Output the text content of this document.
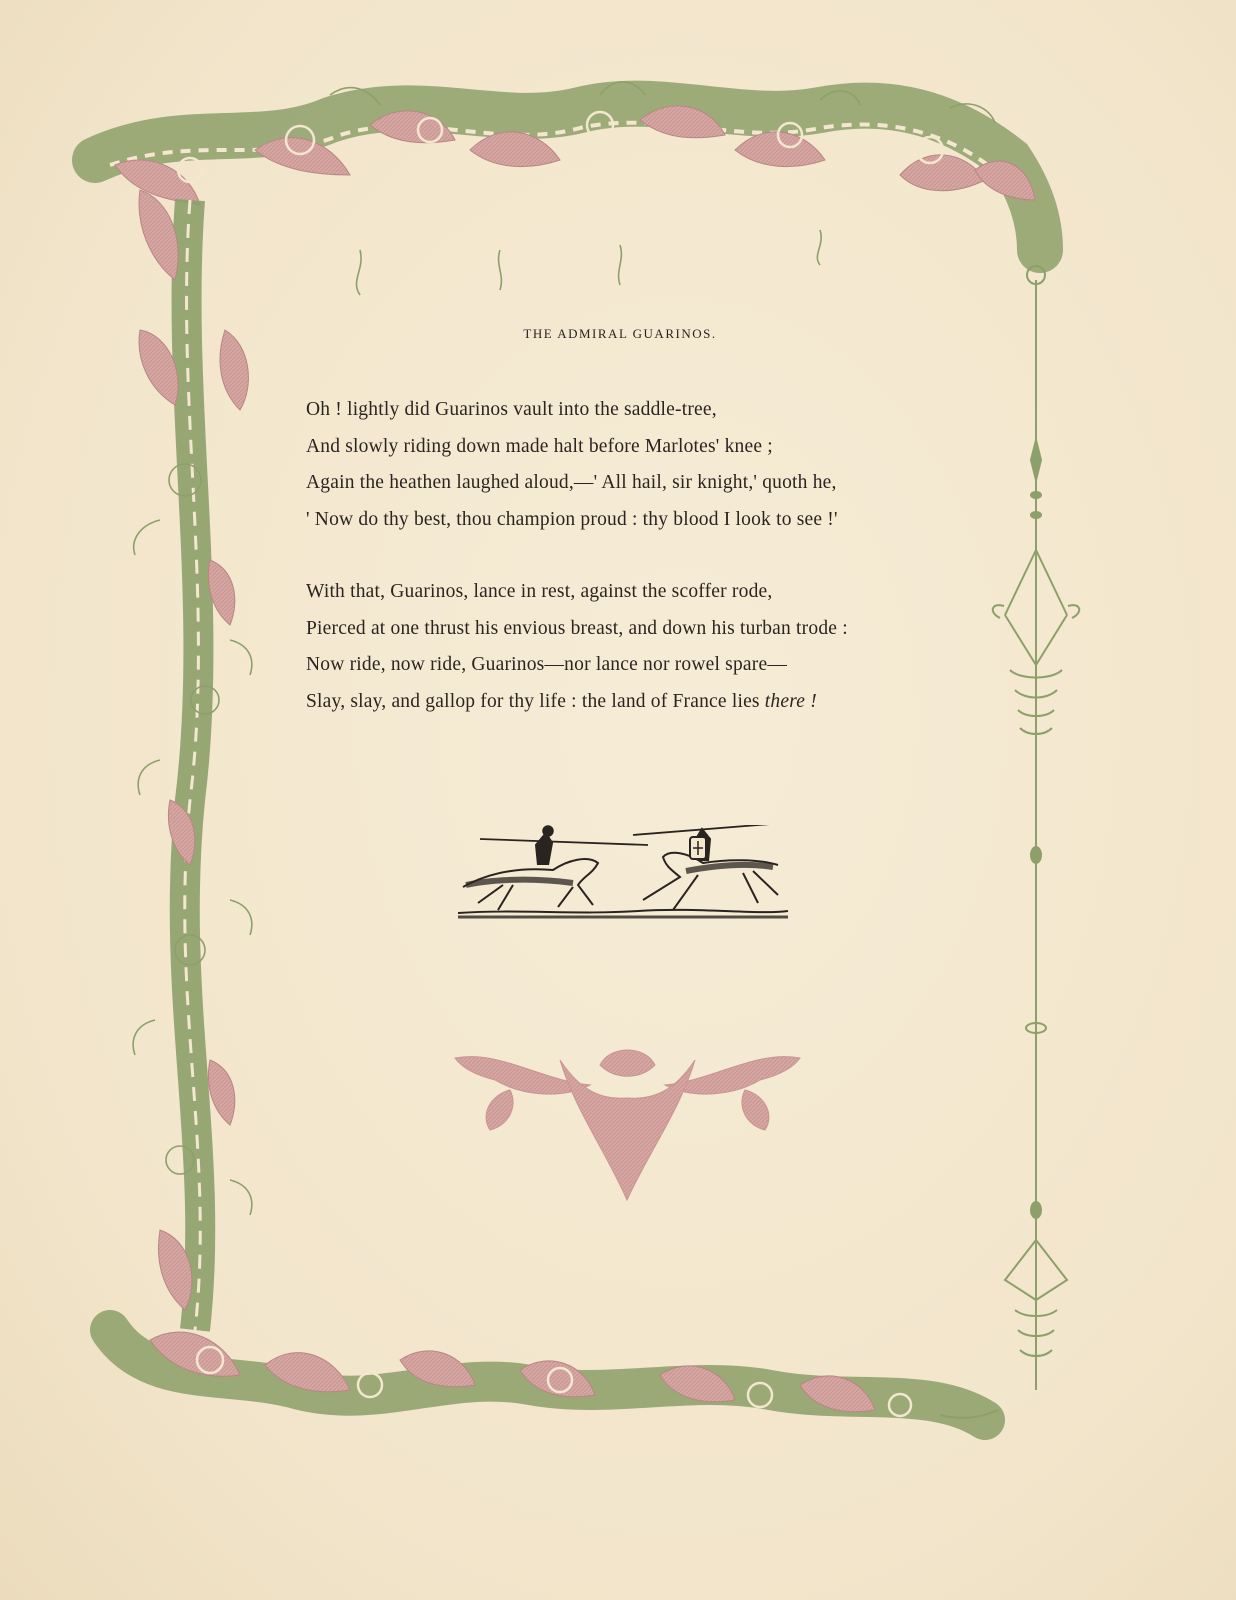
THE ADMIRAL GUARINOS.
Oh ! lightly did Guarinos vault into the saddle-tree,
And slowly riding down made halt before Marlotes' knee ;
Again the heathen laughed aloud,—' All hail, sir knight,' quoth he,
' Now do thy best, thou champion proud : thy blood I look to see !'
With that, Guarinos, lance in rest, against the scoffer rode,
Pierced at one thrust his envious breast, and down his turban trode :
Now ride, now ride, Guarinos—nor lance nor rowel spare—
Slay, slay, and gallop for thy life : the land of France lies there !
